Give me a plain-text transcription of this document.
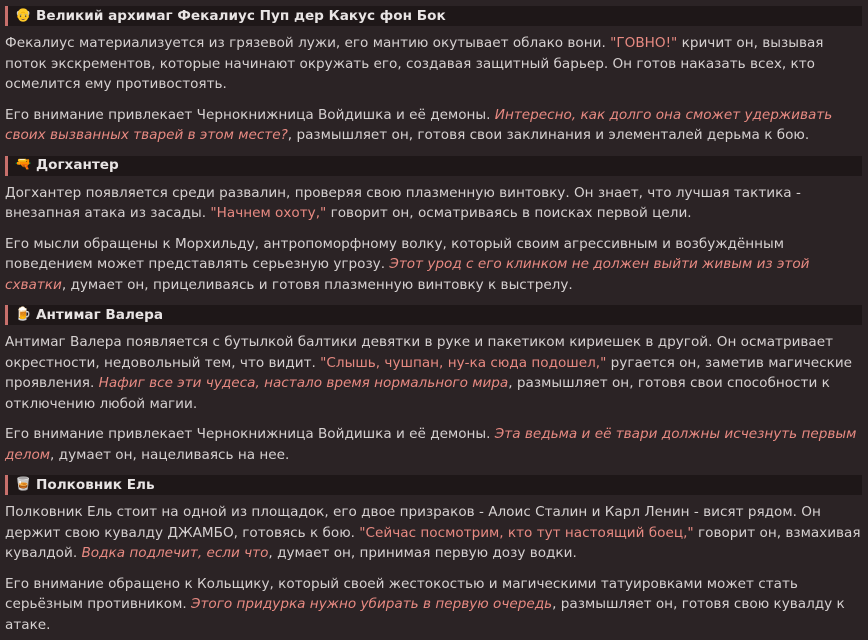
👴 Великий архимаг Фекалиус Пуп дер Какус фон Бок

Фекалиус материализуется из грязевой лужи, его мантию окутывает облако вони. "ГОВНО!" кричит он, вызывая поток экскрементов, которые начинают окружать его, создавая защитный барьер. Он готов наказать всех, кто осмелится ему противостоять.

Его внимание привлекает Чернокнижница Войдишка и её демоны. Интересно, как долго она сможет удерживать своих вызванных тварей в этом месте?, размышляет он, готовя свои заклинания и элементалей дерьма к бою.

🔫 Догхантер

Догхантер появляется среди развалин, проверяя свою плазменную винтовку. Он знает, что лучшая тактика - внезапная атака из засады. "Начнем охоту," говорит он, осматриваясь в поисках первой цели.

Его мысли обращены к Морхильду, антропоморфному волку, который своим агрессивным и возбуждённым поведением может представлять серьезную угрозу. Этот урод с его клинком не должен выйти живым из этой схватки, думает он, прицеливаясь и готовя плазменную винтовку к выстрелу.

🍺 Антимаг Валера

Антимаг Валера появляется с бутылкой балтики девятки в руке и пакетиком кириешек в другой. Он осматривает окрестности, недовольный тем, что видит. "Слышь, чушпан, ну-ка сюда подошел," ругается он, заметив магические проявления. Нафиг все эти чудеса, настало время нормального мира, размышляет он, готовя свои способности к отключению любой магии.

Его внимание привлекает Чернокнижница Войдишка и её демоны. Эта ведьма и её твари должны исчезнуть первым делом, думает он, нацеливаясь на нее.

🥃 Полковник Ель

Полковник Ель стоит на одной из площадок, его двое призраков - Алоис Сталин и Карл Ленин - висят рядом. Он держит свою кувалду ДЖАМБО, готовясь к бою. "Сейчас посмотрим, кто тут настоящий боец," говорит он, взмахивая кувалдой. Водка подлечит, если что, думает он, принимая первую дозу водки.

Его внимание обращено к Кольщику, который своей жестокостью и магическими татуировками может стать серьёзным противником. Этого придурка нужно убирать в первую очередь, размышляет он, готовя свою кувалду к атаке.
